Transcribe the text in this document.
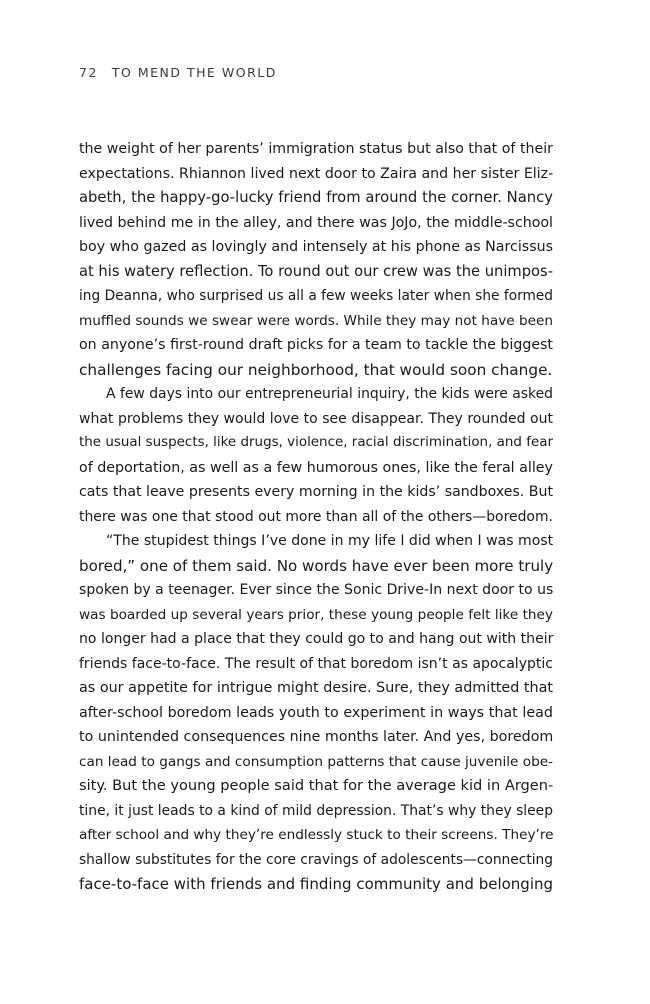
72 TO MEND THE WORLD
the weight of her parents’ immigration status but also that of their
expectations. Rhiannon lived next door to Zaira and her sister Eliz-
abeth, the happy-go-lucky friend from around the corner. Nancy
lived behind me in the alley, and there was JoJo, the middle-school
boy who gazed as lovingly and intensely at his phone as Narcissus
at his watery reflection. To round out our crew was the unimpos-
ing Deanna, who surprised us all a few weeks later when she formed
muffled sounds we swear were words. While they may not have been
on anyone’s first-round draft picks for a team to tackle the biggest
challenges facing our neighborhood, that would soon change.
A few days into our entrepreneurial inquiry, the kids were asked
what problems they would love to see disappear. They rounded out
the usual suspects, like drugs, violence, racial discrimination, and fear
of deportation, as well as a few humorous ones, like the feral alley
cats that leave presents every morning in the kids’ sandboxes. But
there was one that stood out more than all of the others—boredom.
“The stupidest things I’ve done in my life I did when I was most
bored,” one of them said. No words have ever been more truly
spoken by a teenager. Ever since the Sonic Drive-In next door to us
was boarded up several years prior, these young people felt like they
no longer had a place that they could go to and hang out with their
friends face-to-face. The result of that boredom isn’t as apocalyptic
as our appetite for intrigue might desire. Sure, they admitted that
after-school boredom leads youth to experiment in ways that lead
to unintended consequences nine months later. And yes, boredom
can lead to gangs and consumption patterns that cause juvenile obe-
sity. But the young people said that for the average kid in Argen-
tine, it just leads to a kind of mild depression. That’s why they sleep
after school and why they’re endlessly stuck to their screens. They’re
shallow substitutes for the core cravings of adolescents—connecting
face-to-face with friends and finding community and belonging
